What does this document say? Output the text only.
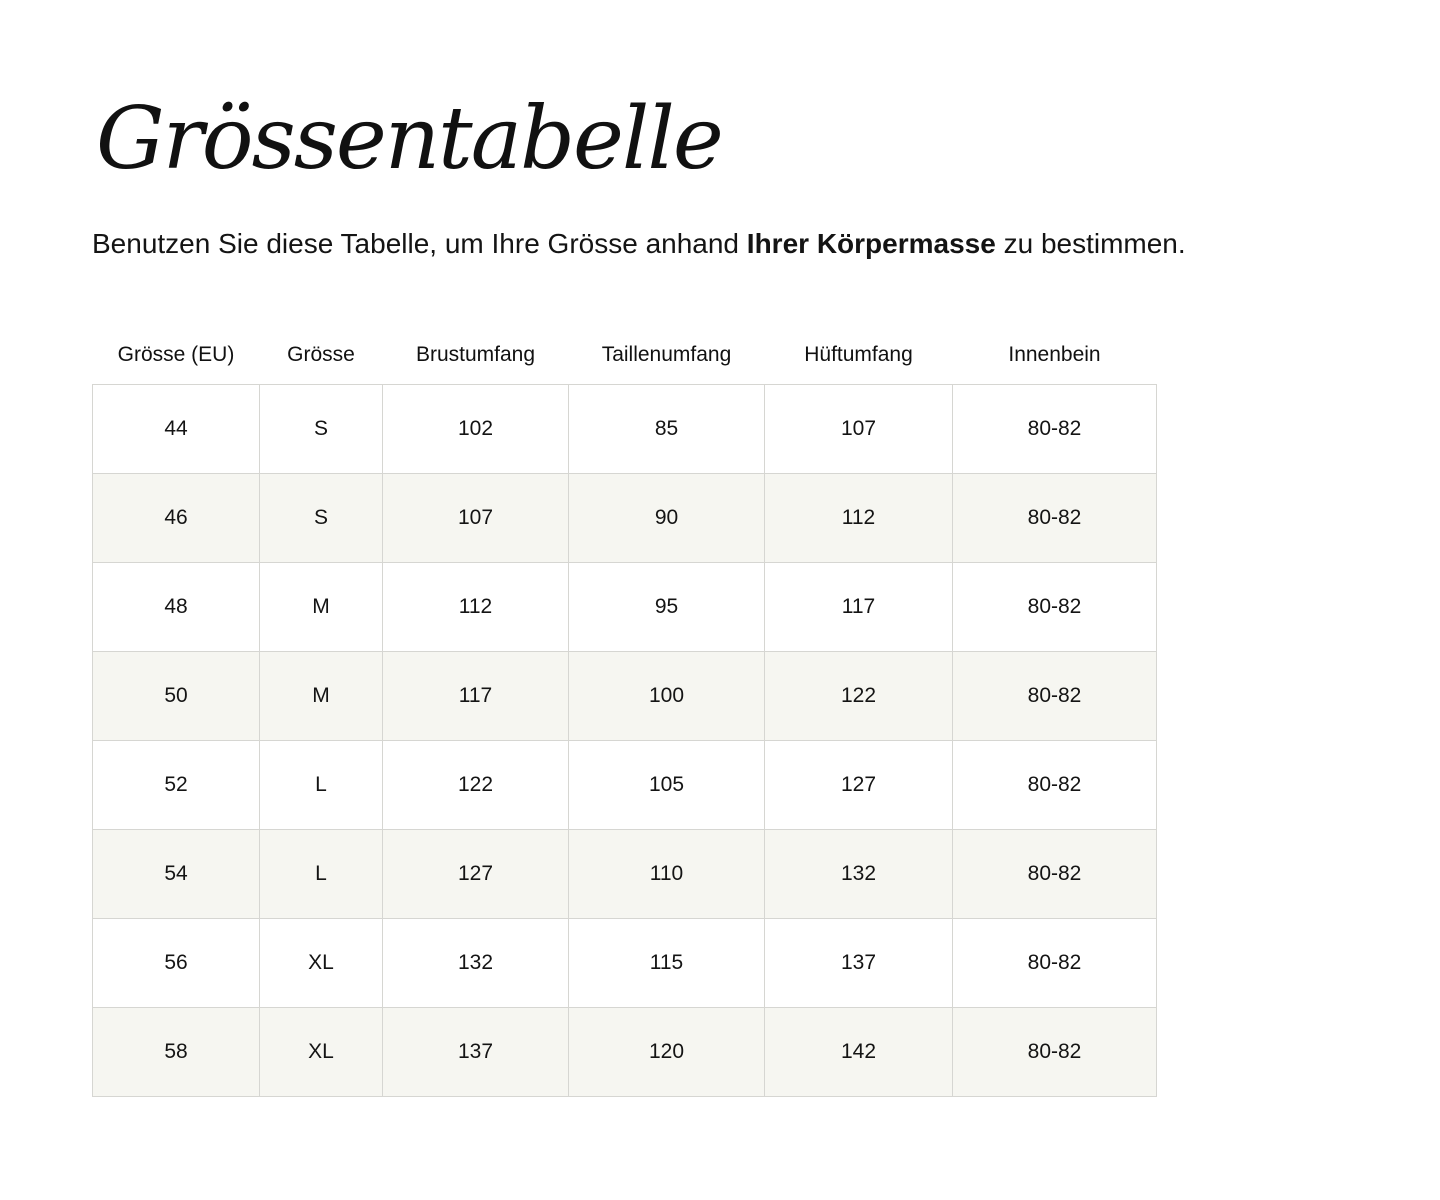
Grössentabelle

Benutzen Sie diese Tabelle, um Ihre Grösse anhand Ihrer Körpermasse zu bestimmen.

Grösse (EU)	Grösse	Brustumfang	Taillenumfang	Hüftumfang	Innenbein
44	S	102	85	107	80-82
46	S	107	90	112	80-82
48	M	112	95	117	80-82
50	M	117	100	122	80-82
52	L	122	105	127	80-82
54	L	127	110	132	80-82
56	XL	132	115	137	80-82
58	XL	137	120	142	80-82
